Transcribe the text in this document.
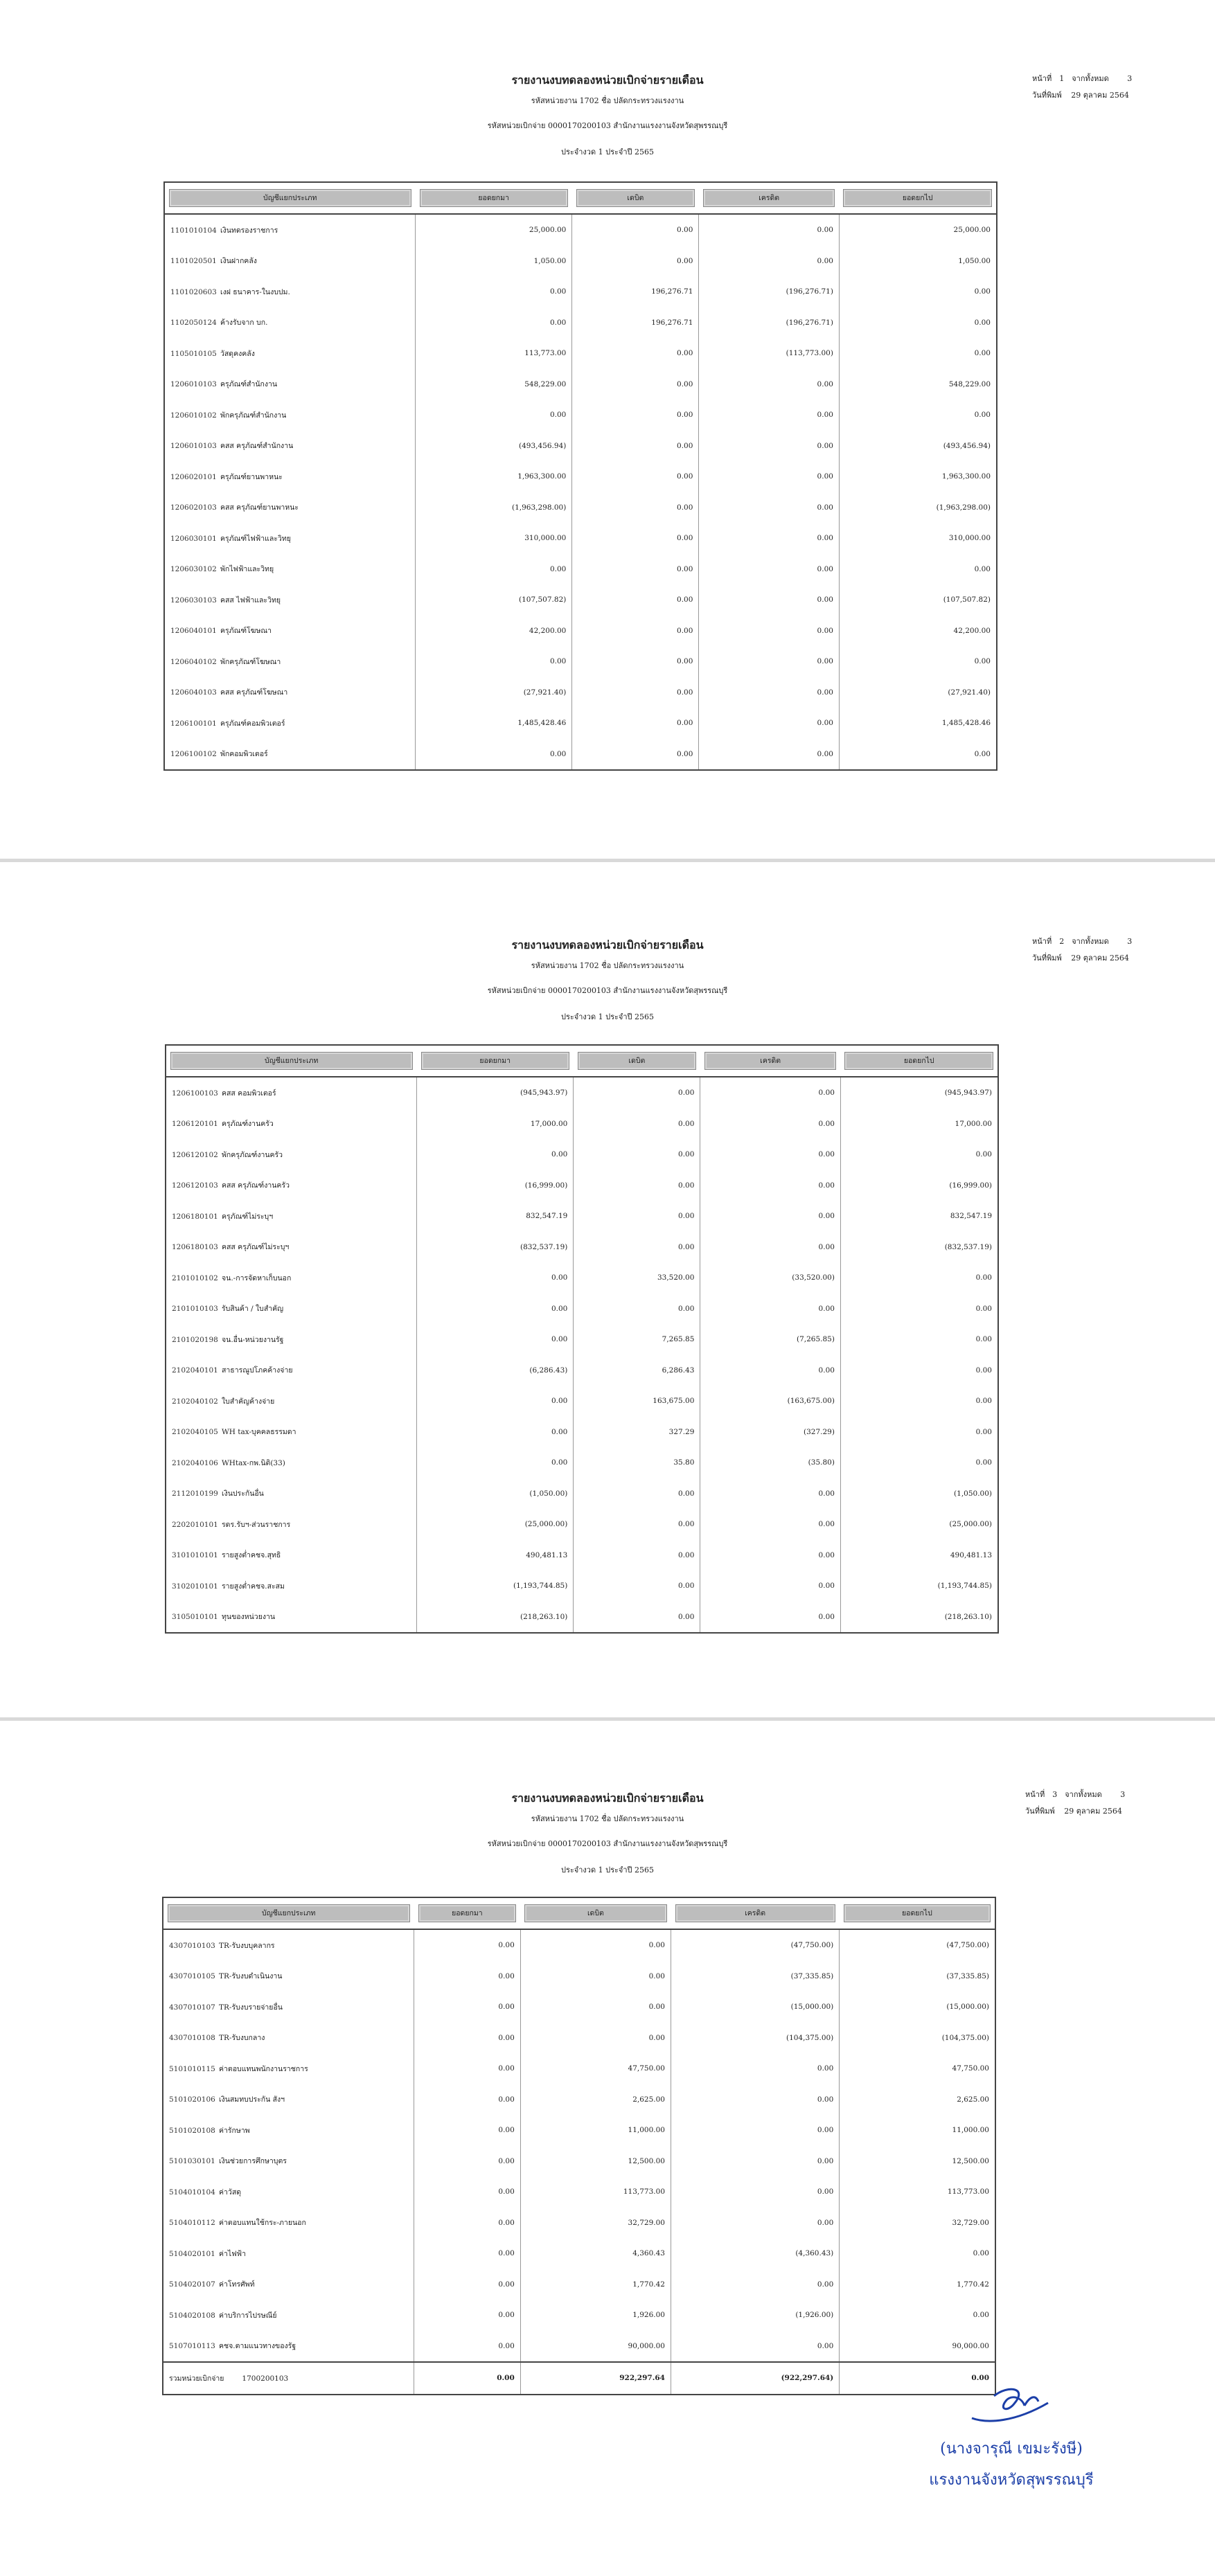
หน้าที่ 1 จากทั้งหมด 3
วันที่พิมพ์ 29 ตุลาคม 2564
รายงานงบทดลองหน่วยเบิกจ่ายรายเดือน
รหัสหน่วยงาน 1702 ชื่อ ปลัดกระทรวงแรงงาน
รหัสหน่วยเบิกจ่าย 0000170200103 สำนักงานแรงงานจังหวัดสุพรรณบุรี
ประจำงวด 1 ประจำปี 2565
บัญชีแยกประเภท	ยอดยกมา	เดบิต	เครดิต	ยอดยกไป

1101010104 เงินทดรองราชการ	25,000.00	0.00	0.00	25,000.00
1101020501 เงินฝากคลัง	1,050.00	0.00	0.00	1,050.00
1101020603 เงฝ ธนาคาร-ในงบปม.	0.00	196,276.71	(196,276.71)	0.00
1102050124 ค้างรับจาก บก.	0.00	196,276.71	(196,276.71)	0.00
1105010105 วัสดุคงคลัง	113,773.00	0.00	(113,773.00)	0.00
1206010103 ครุภัณฑ์สำนักงาน	548,229.00	0.00	0.00	548,229.00
1206010102 พักครุภัณฑ์สำนักงาน	0.00	0.00	0.00	0.00
1206010103 คสส ครุภัณฑ์สำนักงาน	(493,456.94)	0.00	0.00	(493,456.94)
1206020101 ครุภัณฑ์ยานพาหนะ	1,963,300.00	0.00	0.00	1,963,300.00
1206020103 คสส ครุภัณฑ์ยานพาหนะ	(1,963,298.00)	0.00	0.00	(1,963,298.00)
1206030101 ครุภัณฑ์ไฟฟ้าและวิทยุ	310,000.00	0.00	0.00	310,000.00
1206030102 พักไฟฟ้าและวิทยุ	0.00	0.00	0.00	0.00
1206030103 คสส ไฟฟ้าและวิทยุ	(107,507.82)	0.00	0.00	(107,507.82)
1206040101 ครุภัณฑ์โฆษณา	42,200.00	0.00	0.00	42,200.00
1206040102 พักครุภัณฑ์โฆษณา	0.00	0.00	0.00	0.00
1206040103 คสส ครุภัณฑ์โฆษณา	(27,921.40)	0.00	0.00	(27,921.40)
1206100101 ครุภัณฑ์คอมพิวเตอร์	1,485,428.46	0.00	0.00	1,485,428.46
1206100102 พักคอมพิวเตอร์	0.00	0.00	0.00	0.00
หน้าที่ 2 จากทั้งหมด 3
วันที่พิมพ์ 29 ตุลาคม 2564
รายงานงบทดลองหน่วยเบิกจ่ายรายเดือน
รหัสหน่วยงาน 1702 ชื่อ ปลัดกระทรวงแรงงาน
รหัสหน่วยเบิกจ่าย 0000170200103 สำนักงานแรงงานจังหวัดสุพรรณบุรี
ประจำงวด 1 ประจำปี 2565
บัญชีแยกประเภท	ยอดยกมา	เดบิต	เครดิต	ยอดยกไป

1206100103 คสส คอมพิวเตอร์	(945,943.97)	0.00	0.00	(945,943.97)
1206120101 ครุภัณฑ์งานครัว	17,000.00	0.00	0.00	17,000.00
1206120102 พักครุภัณฑ์งานครัว	0.00	0.00	0.00	0.00
1206120103 คสส ครุภัณฑ์งานครัว	(16,999.00)	0.00	0.00	(16,999.00)
1206180101 ครุภัณฑ์ไม่ระบุฯ	832,547.19	0.00	0.00	832,547.19
1206180103 คสส ครุภัณฑ์ไม่ระบุฯ	(832,537.19)	0.00	0.00	(832,537.19)
2101010102 จน.-การจัดหาเก็บนอก	0.00	33,520.00	(33,520.00)	0.00
2101010103 รับสินค้า / ใบสำคัญ	0.00	0.00	0.00	0.00
2101020198 จน.อื่น-หน่วยงานรัฐ	0.00	7,265.85	(7,265.85)	0.00
2102040101 สาธารณูปโภคค้างจ่าย	(6,286.43)	6,286.43	0.00	0.00
2102040102 ใบสำคัญค้างจ่าย	0.00	163,675.00	(163,675.00)	0.00
2102040105 WH tax-บุคคลธรรมดา	0.00	327.29	(327.29)	0.00
2102040106 WHtax-กพ.นิติ(33)	0.00	35.80	(35.80)	0.00
2112010199 เงินประกันอื่น	(1,050.00)	0.00	0.00	(1,050.00)
2202010101 รดร.รับฯ-ส่วนราชการ	(25,000.00)	0.00	0.00	(25,000.00)
3101010101 รายสูงต่ำคชจ.สุทธิ	490,481.13	0.00	0.00	490,481.13
3102010101 รายสูงต่ำคชจ.สะสม	(1,193,744.85)	0.00	0.00	(1,193,744.85)
3105010101 ทุนของหน่วยงาน	(218,263.10)	0.00	0.00	(218,263.10)
หน้าที่ 3 จากทั้งหมด 3
วันที่พิมพ์ 29 ตุลาคม 2564
รายงานงบทดลองหน่วยเบิกจ่ายรายเดือน
รหัสหน่วยงาน 1702 ชื่อ ปลัดกระทรวงแรงงาน
รหัสหน่วยเบิกจ่าย 0000170200103 สำนักงานแรงงานจังหวัดสุพรรณบุรี
ประจำงวด 1 ประจำปี 2565
บัญชีแยกประเภท	ยอดยกมา	เดบิต	เครดิต	ยอดยกไป

4307010103 TR-รับงบบุคลากร	0.00	0.00	(47,750.00)	(47,750.00)
4307010105 TR-รับงบดำเนินงาน	0.00	0.00	(37,335.85)	(37,335.85)
4307010107 TR-รับงบรายจ่ายอื่น	0.00	0.00	(15,000.00)	(15,000.00)
4307010108 TR-รับงบกลาง	0.00	0.00	(104,375.00)	(104,375.00)
5101010115 ค่าตอบแทนพนักงานราชการ	0.00	47,750.00	0.00	47,750.00
5101020106 เงินสมทบประกัน สังฯ	0.00	2,625.00	0.00	2,625.00
5101020108 ค่ารักษาพ	0.00	11,000.00	0.00	11,000.00
5101030101 เงินช่วยการศึกษาบุตร	0.00	12,500.00	0.00	12,500.00
5104010104 ค่าวัสดุ	0.00	113,773.00	0.00	113,773.00
5104010112 ค่าตอบแทนใช้กระ-ภายนอก	0.00	32,729.00	0.00	32,729.00
5104020101 ค่าไฟฟ้า	0.00	4,360.43	(4,360.43)	0.00
5104020107 ค่าโทรศัพท์	0.00	1,770.42	0.00	1,770.42
5104020108 ค่าบริการไปรษณีย์	0.00	1,926.00	(1,926.00)	0.00
5107010113 คชจ.ตามแนวทางของรัฐ	0.00	90,000.00	0.00	90,000.00
รวมหน่วยเบิกจ่าย 1700200103	0.00	922,297.64	(922,297.64)	0.00
(นางจารุณี เขมะรังษี)
แรงงานจังหวัดสุพรรณบุรี
